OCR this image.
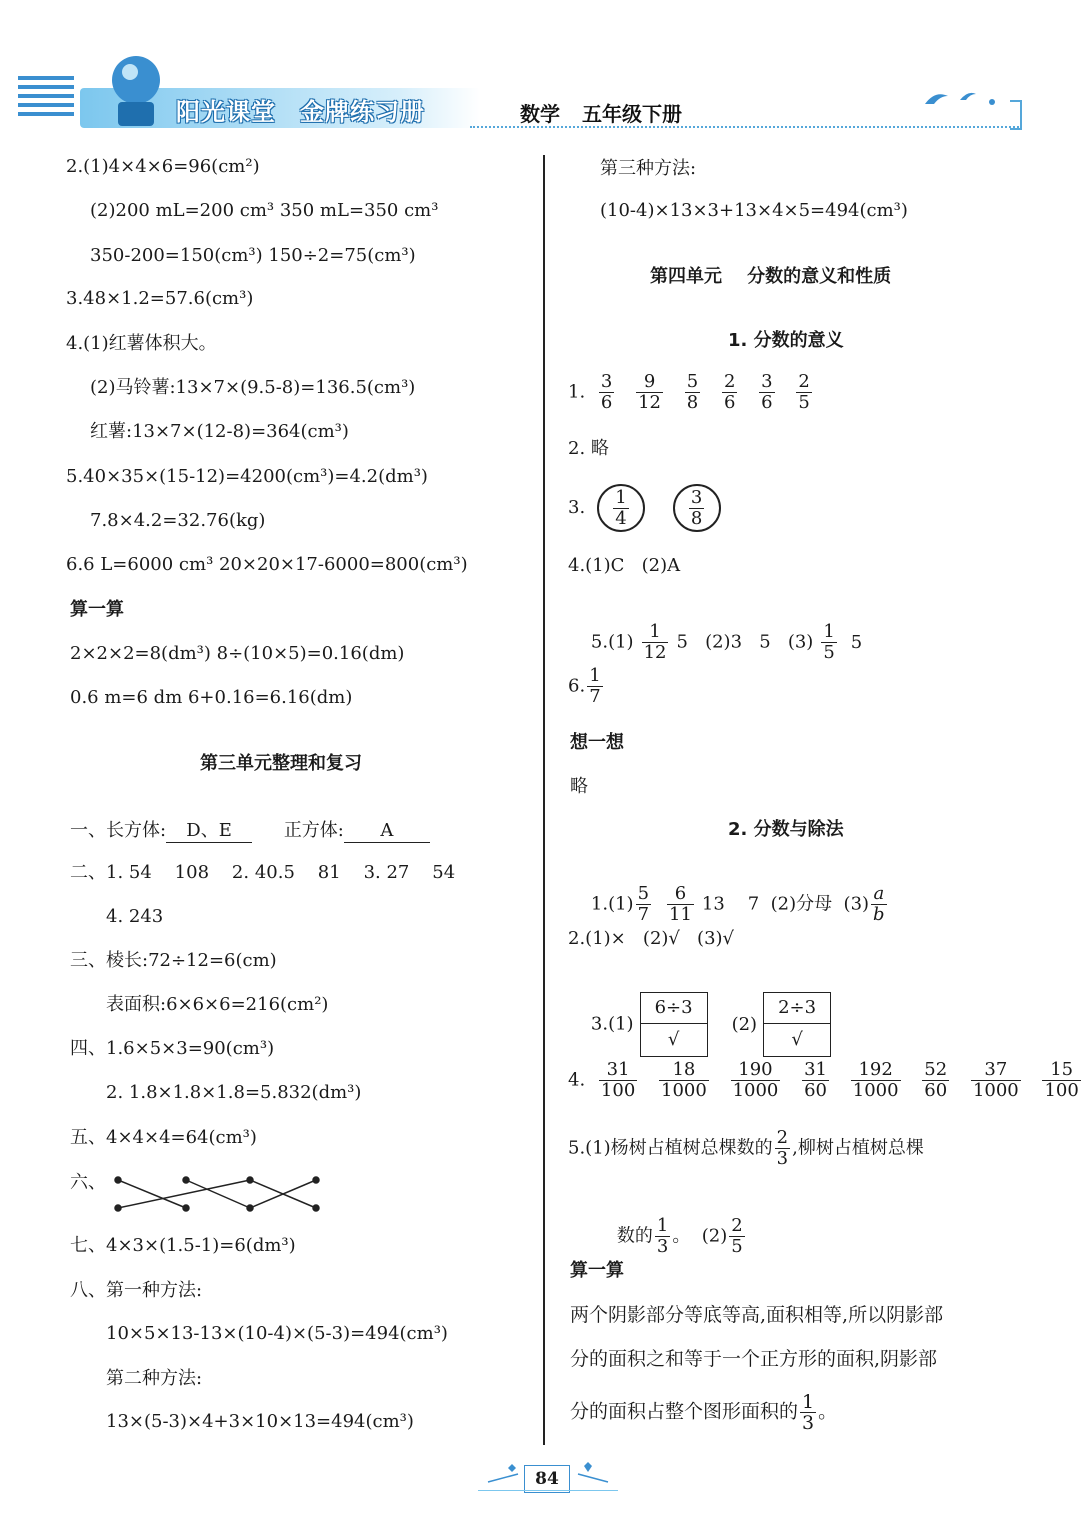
阳光课堂 金牌练习册	数学 五年级下册
2.(1)4×4×6=96(cm²)
(2)200 mL=200 cm³ 350 mL=350 cm³
350-200=150(cm³) 150÷2=75(cm³)
3.48×1.2=57.6(cm³)
4.(1)红薯体积大。
(2)马铃薯:13×7×(9.5-8)=136.5(cm³)
红薯:13×7×(12-8)=364(cm³)
5.40×35×(15-12)=4200(cm³)=4.2(dm³)
7.8×4.2=32.76(kg)
6.6 L=6000 cm³ 20×20×17-6000=800(cm³)
算一算
2×2×2=8(dm³) 8÷(10×5)=0.16(dm)
0.6 m=6 dm 6+0.16=6.16(dm)
第三单元整理和复习
一、长方体: D、E	正方体: A
二、1. 54    108    2. 40.5    81    3. 27    54
4. 243
三、棱长:72÷12=6(cm)
表面积:6×6×6=216(cm²)
四、1.6×5×3=90(cm³)
2. 1.8×1.8×1.8=5.832(dm³)
五、4×4×4=64(cm³)
六、
七、4×3×(1.5-1)=6(dm³)
八、第一种方法:
10×5×13-13×(10-4)×(5-3)=494(cm³)
第二种方法:
13×(5-3)×4+3×10×13=494(cm³)
第三种方法:
(10-4)×13×3+13×4×5=494(cm³)
第四单元    分数的意义和性质
1. 分数的意义
1. $\frac{3}{6}$
$\frac{9}{12}$
$\frac{5}{8}$
$\frac{2}{6}$
$\frac{3}{6}$
$\frac{2}{5}$
2. 略
3. $\frac{1}{4}$
	$\frac{3}{8}$
4.(1)C   (2)A

$5.(1) \frac{1}{12} 5$   (2)3   5   $(3) \frac{1}{5} 5$

6. $\frac{1}{7}$
想一想
略
2. 分数与除法

$1.(1) \frac{5}{7} \frac{6}{11} 13$    7  (2)分母  $(3) \frac{a}{b}$

2.(1)×   (2)√   (3)√

3.(1)
6÷3
√
(2)
2÷3
√

4. $\frac{31}{100}$
$\frac{18}{1000}$
$\frac{190}{1000}$
$\frac{31}{60}$
$\frac{192}{1000}$
$\frac{52}{60}$
$\frac{37}{1000}$
$\frac{15}{100}$
5.(1)杨树占植树总棵数的 $\frac{2}{3}$ ,柳树占植树总棵

数的 $\frac{1}{3}$ 。  $(2) \frac{2}{5}$

算一算
两个阴影部分等底等高,面积相等,所以阴影部
分的面积之和等于一个正方形的面积,阴影部
分的面积占整个图形面积的 $\frac{1}{3}$ 。
84
